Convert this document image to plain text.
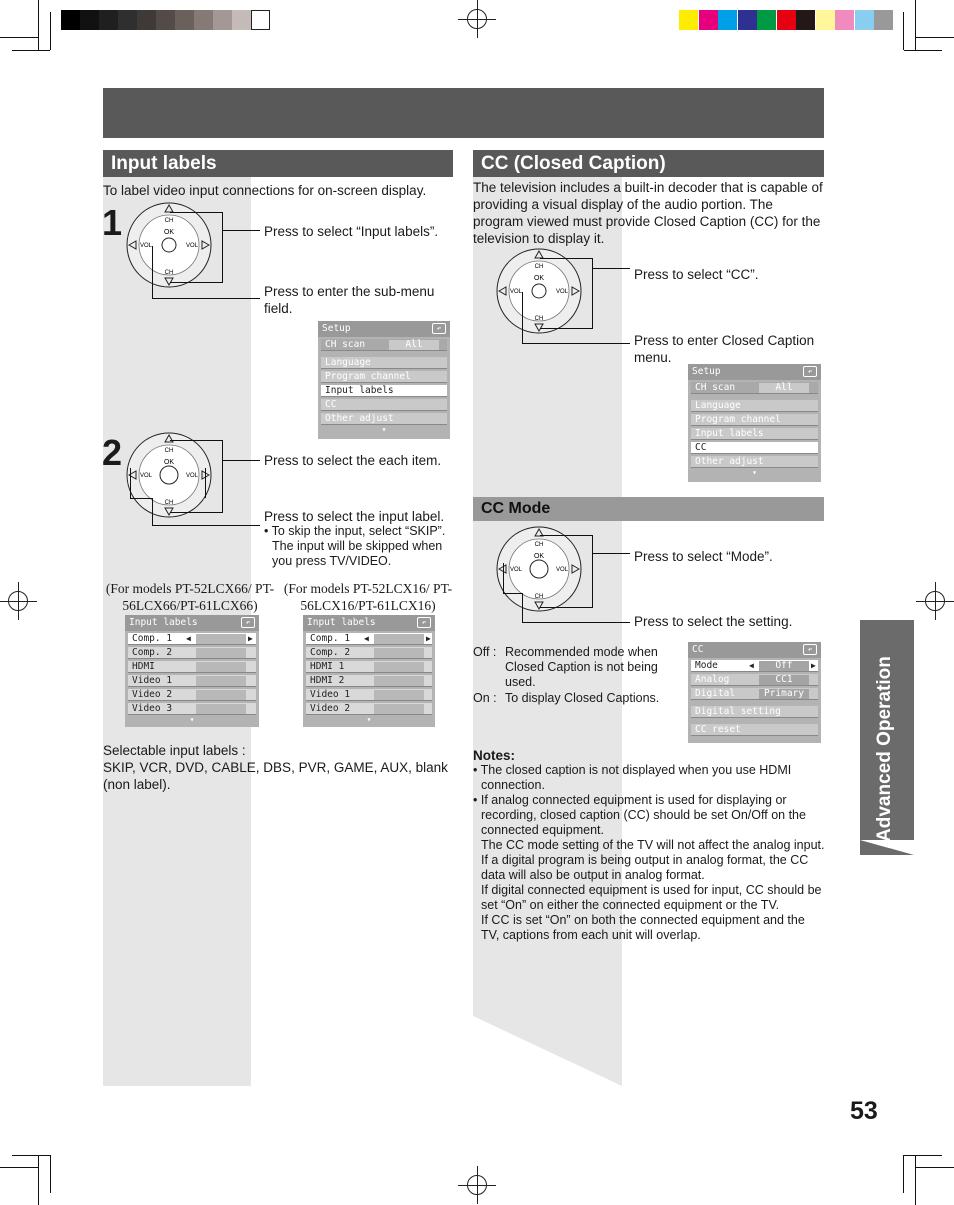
Input labels
To label video input connections for on-screen display.
1	CH
CH
VOL	VOL
OK	Press to select “Input labels”.
Press to enter the sub-menu field.
Setup	↶
CH scan	All
Language
Program channel
Input labels
CC
Other adjust
▾
2	CH
CH
VOL	VOL
OK	Press to select the each item.
Press to select the input label.
• To skip the input, select “SKIP”. The input will be skipped when you press TV/VIDEO.
(For models PT-52LCX66/ PT-56LCX66/PT-61LCX66)
(For models PT-52LCX16/ PT-56LCX16/PT-61LCX16)
Input labels	↶
Comp. 1 ◀	▶
Comp. 2
HDMI
Video 1
Video 2
Video 3
▾
Input labels	↶
Comp. 1 ◀	▶
Comp. 2
HDMI 1
HDMI 2
Video 1
Video 2
▾
Selectable input labels :
SKIP, VCR, DVD, CABLE, DBS, PVR, GAME, AUX, blank (non label).
CC (Closed Caption)
The television includes a built-in decoder that is capable of providing a visual display of the audio portion. The program viewed must provide Closed Caption (CC) for the television to display it.
CH
CH
VOL	VOL
OK	Press to select “CC”.
Press to enter Closed Caption menu.
Setup	↶
CH scan	All
Language
Program channel
Input labels
CC
Other adjust
▾
CC Mode
CH
CH
VOL	VOL
OK	Press to select “Mode”.
Press to select the setting.
Off : Recommended mode when Closed Caption is not being used.
On : To display Closed Captions.
CC	↶
Mode	◀	Off	▶
Analog	CC1
Digital	Primary
Digital setting
CC reset
Notes:
• The closed caption is not displayed when you use HDMI connection.
• If analog connected equipment is used for displaying or recording, closed caption (CC) should be set On/Off on the connected equipment.
The CC mode setting of the TV will not affect the analog input.
If a digital program is being output in analog format, the CC data will also be output in analog format.
If digital connected equipment is used for input, CC should be set “On” on either the connected equipment or the TV.
If CC is set “On” on both the connected equipment and the TV, captions from each unit will overlap.
Advanced Operation
53
